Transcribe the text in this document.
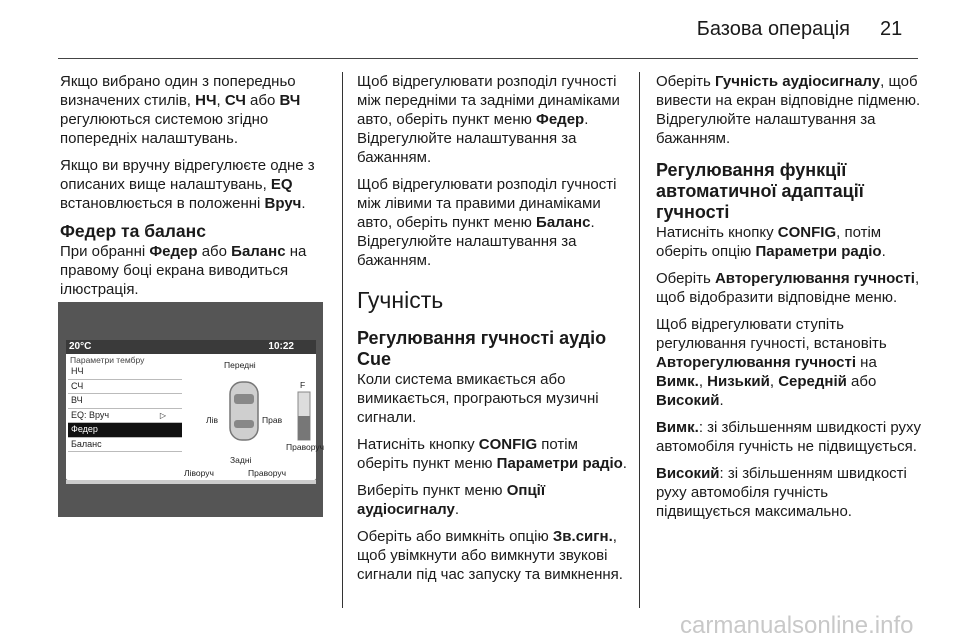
Базова операція 21

Якщо вибрано один з попередньо визначених стилів, НЧ, СЧ або ВЧ регулюються системою згідно попередніх налаштувань.

Якщо ви вручну відрегулюєте одне з описаних вище налаштувань, EQ встановлюється в положенні Вруч.

Федер та баланс

При обранні Федер або Баланс на правому боці екрана виводиться ілюстрація.

Параметри тембру
НЧ
СЧ
ВЧ
EQ: Вруч	▷
Федер
Баланс
Передні
Лів	Прав
Задні
F
Праворуч
Ліворуч	Праворуч
20°C	10:22

Щоб відрегулювати розподіл гучності між передніми та задніми динаміками авто, оберіть пункт меню Федер. Відрегулюйте налаштування за бажанням.

Щоб відрегулювати розподіл гучності між лівими та правими динаміками авто, оберіть пункт меню Баланс. Відрегулюйте налаштування за бажанням.

Гучність
Регулювання гучності аудіо Cue

Коли система вмикається або вимикається, програються музичні сигнали.

Натисніть кнопку CONFIG потім оберіть пункт меню Параметри радіо.

Виберіть пункт меню Опції аудіосигналу.

Оберіть або вимкніть опцію Зв.сигн., щоб увімкнути або вимкнути звукові сигнали під час запуску та вимкнення.

Оберіть Гучність аудіосигналу, щоб вивести на екран відповідне підменю. Відрегулюйте налаштування за бажанням.

Регулювання функції автоматичної адаптації гучності

Натисніть кнопку CONFIG, потім оберіть опцію Параметри радіо.

Оберіть Авторегулювання гучності, щоб відобразити відповідне меню.

Щоб відрегулювати ступіть регулювання гучності, встановіть Авторегулювання гучності на Вимк., Низький, Середній або Високий.

Вимк.: зі збільшенням швидкості руху автомобіля гучність не підвищується.

Високий: зі збільшенням швидкості руху автомобіля гучність підвищується максимально.

carmanualsonline.info
